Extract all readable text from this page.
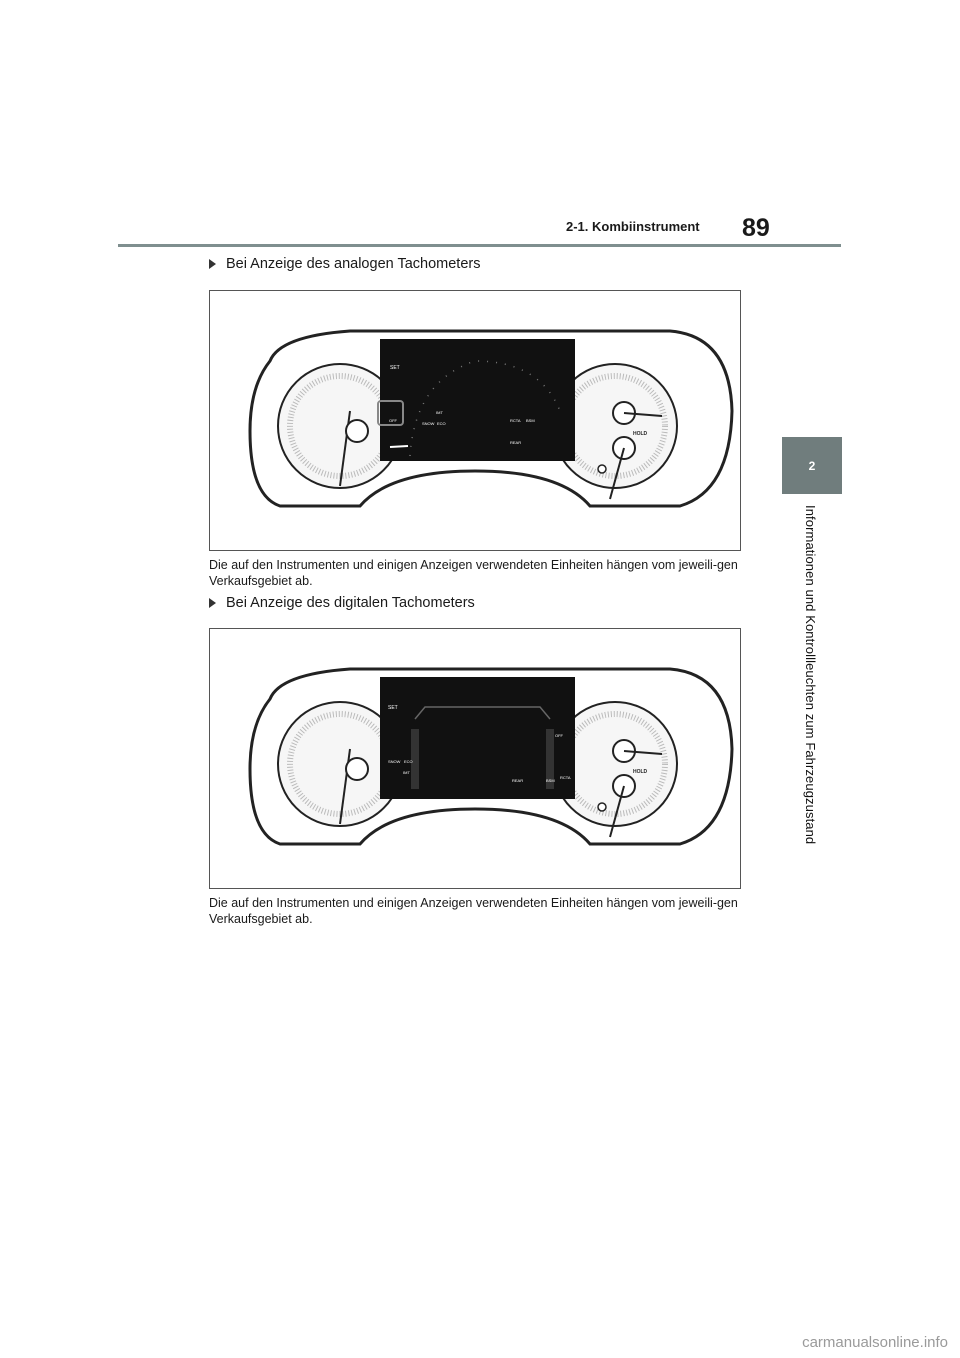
89
2-1. Kombiinstrument
2
Informationen und Kontrollleuchten zum Fahrzeugzustand
Bei Anzeige des analogen Tachometers
SET
OFF
IMT
SNOW ECO
RCTA BSM
REAR
HOLD
Die auf den Instrumenten und einigen Anzeigen verwendeten Einheiten hängen vom jeweili-gen Verkaufsgebiet ab.
Bei Anzeige des digitalen Tachometers
SET
OFF
SNOW ECO
IMT
REAR	BSM
RCTA
HOLD
Die auf den Instrumenten und einigen Anzeigen verwendeten Einheiten hängen vom jeweili-gen Verkaufsgebiet ab.
carmanualsonline.info
